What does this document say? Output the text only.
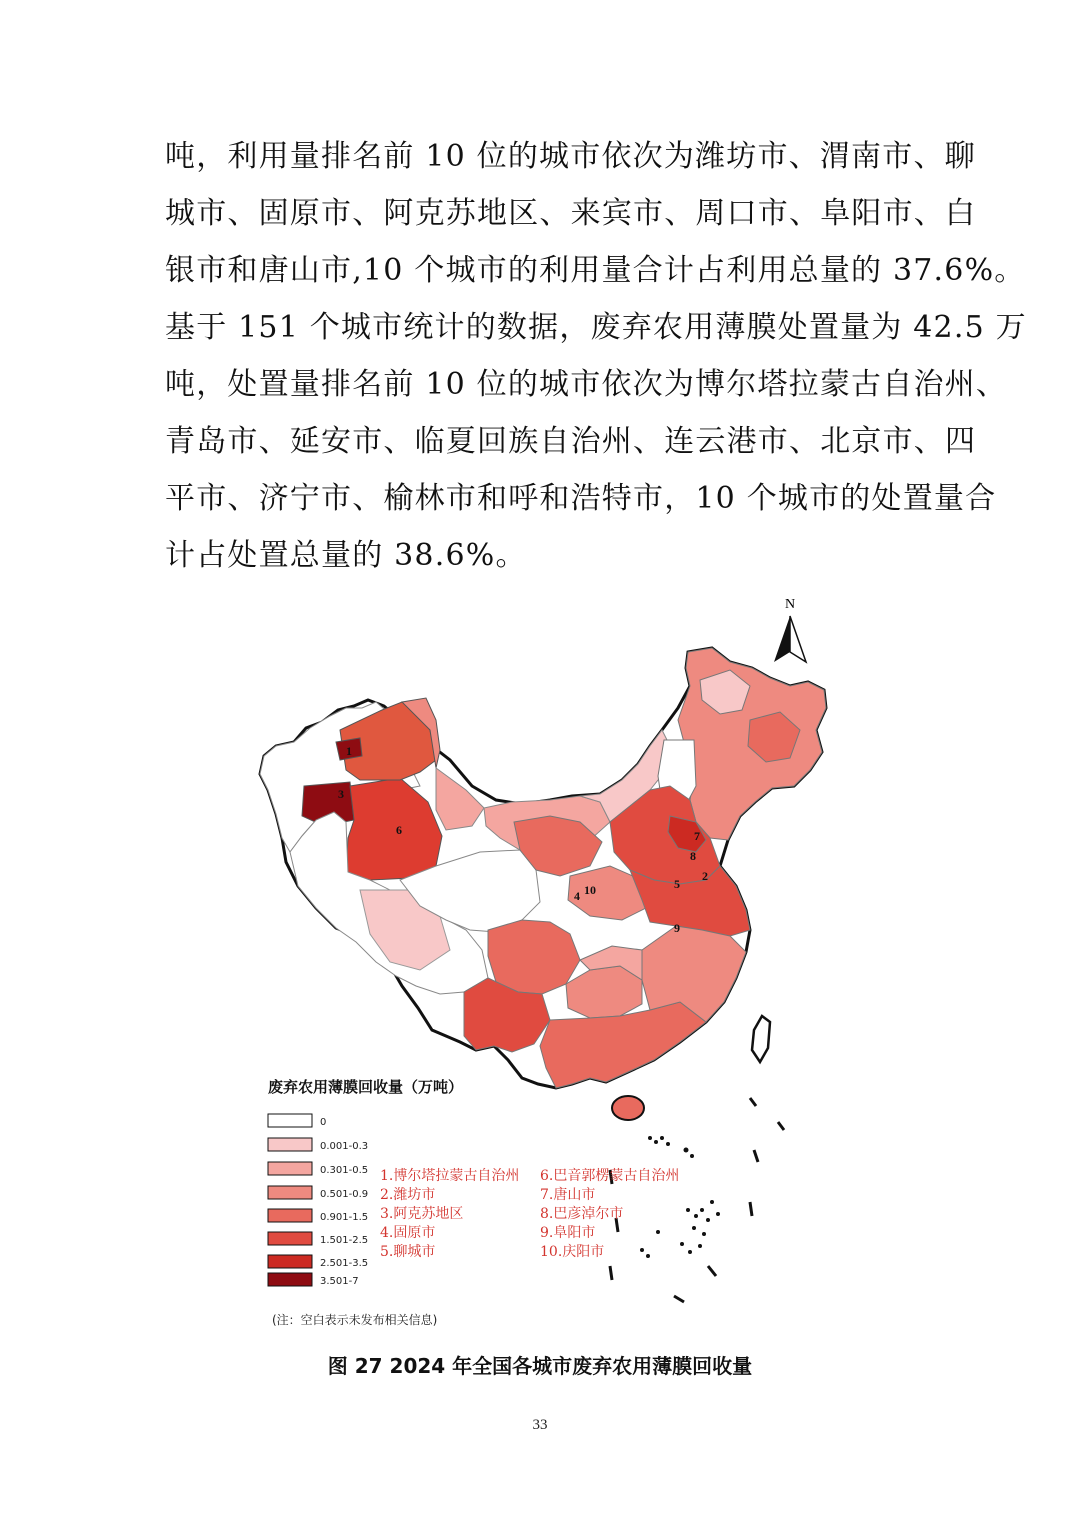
吨，利用量排名前 10 位的城市依次为潍坊市、渭南市、聊
城市、固原市、阿克苏地区、来宾市、周口市、阜阳市、白
银市和唐山市,10 个城市的利用量合计占利用总量的 37.6%。
基于 151 个城市统计的数据，废弃农用薄膜处置量为 42.5 万
吨，处置量排名前 10 位的城市依次为博尔塔拉蒙古自治州、
青岛市、延安市、临夏回族自治州、连云港市、北京市、四
平市、济宁市、榆林市和呼和浩特市，10 个城市的处置量合
计占处置总量的 38.6%。
N
1
3
6
10
4
2
7
5
8
9
废弃农用薄膜回收量（万吨）
0
0.001-0.3
0.301-0.5
0.501-0.9
0.901-1.5
1.501-2.5
2.501-3.5
3.501-7
1.博尔塔拉蒙古自治州
2.潍坊市
3.阿克苏地区
4.固原市
5.聊城市
6.巴音郭楞蒙古自治州
7.唐山市
8.巴彦淖尔市
9.阜阳市
10.庆阳市
(注：空白表示未发布相关信息)
图 27 2024 年全国各城市废弃农用薄膜回收量
33
